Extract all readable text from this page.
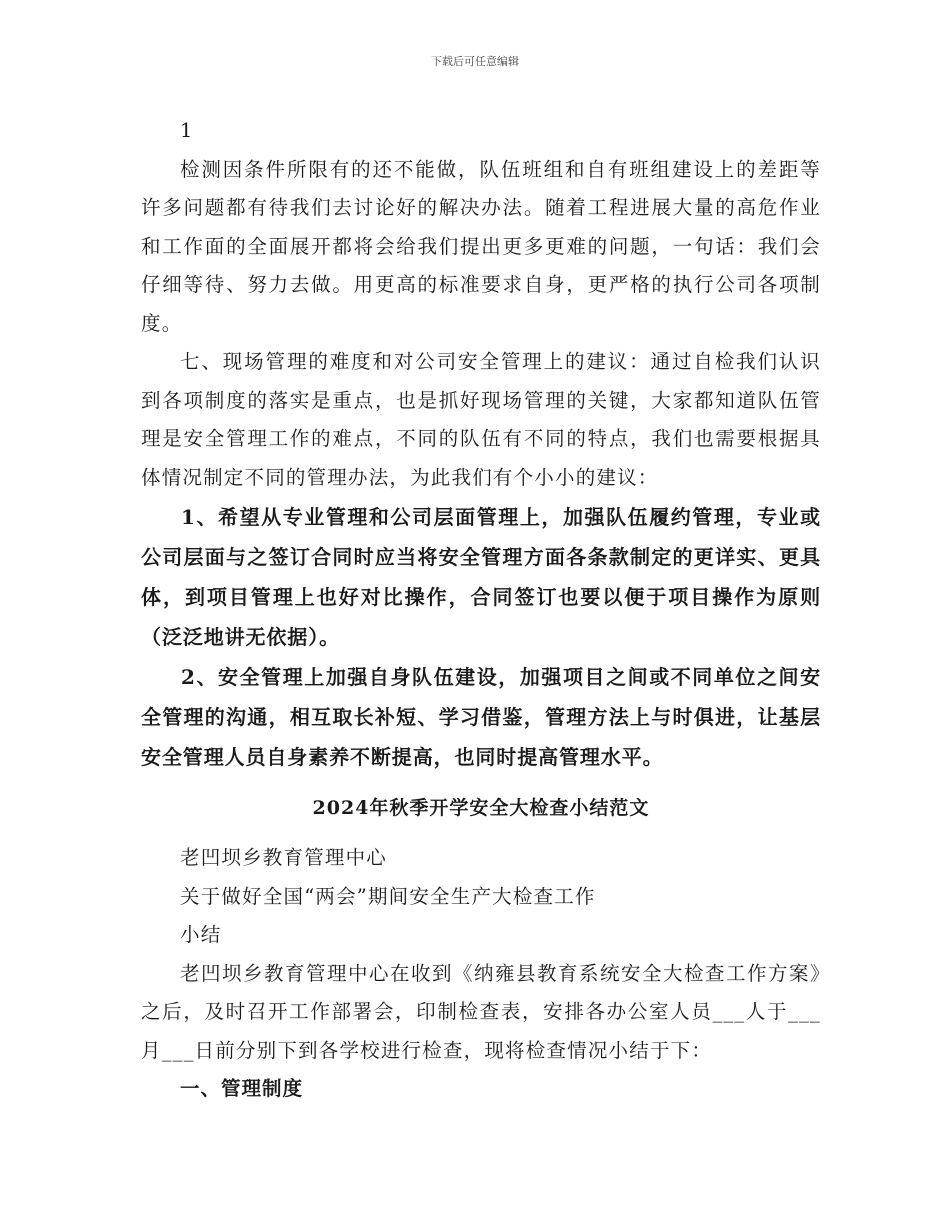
下载后可任意编辑

1

检测因条件所限有的还不能做，队伍班组和自有班组建设上的差距等许多问题都有待我们去讨论好的解决办法。随着工程进展大量的高危作业和工作面的全面展开都将会给我们提出更多更难的问题，一句话：我们会仔细等待、努力去做。用更高的标准要求自身，更严格的执行公司各项制度。

七、现场管理的难度和对公司安全管理上的建议：通过自检我们认识到各项制度的落实是重点，也是抓好现场管理的关键，大家都知道队伍管理是安全管理工作的难点，不同的队伍有不同的特点，我们也需要根据具体情况制定不同的管理办法，为此我们有个小小的建议：

1、希望从专业管理和公司层面管理上，加强队伍履约管理，专业或公司层面与之签订合同时应当将安全管理方面各条款制定的更详实、更具体，到项目管理上也好对比操作，合同签订也要以便于项目操作为原则（泛泛地讲无依据）。

2、安全管理上加强自身队伍建设，加强项目之间或不同单位之间安全管理的沟通，相互取长补短、学习借鉴，管理方法上与时俱进，让基层安全管理人员自身素养不断提高，也同时提高管理水平。

2024年秋季开学安全大检查小结范文

老凹坝乡教育管理中心

关于做好全国“两会”期间安全生产大检查工作

小结

老凹坝乡教育管理中心在收到《纳雍县教育系统安全大检查工作方案》之后，及时召开工作部署会，印制检查表，安排各办公室人员___人于___月___日前分别下到各学校进行检查，现将检查情况小结于下：

一、管理制度
